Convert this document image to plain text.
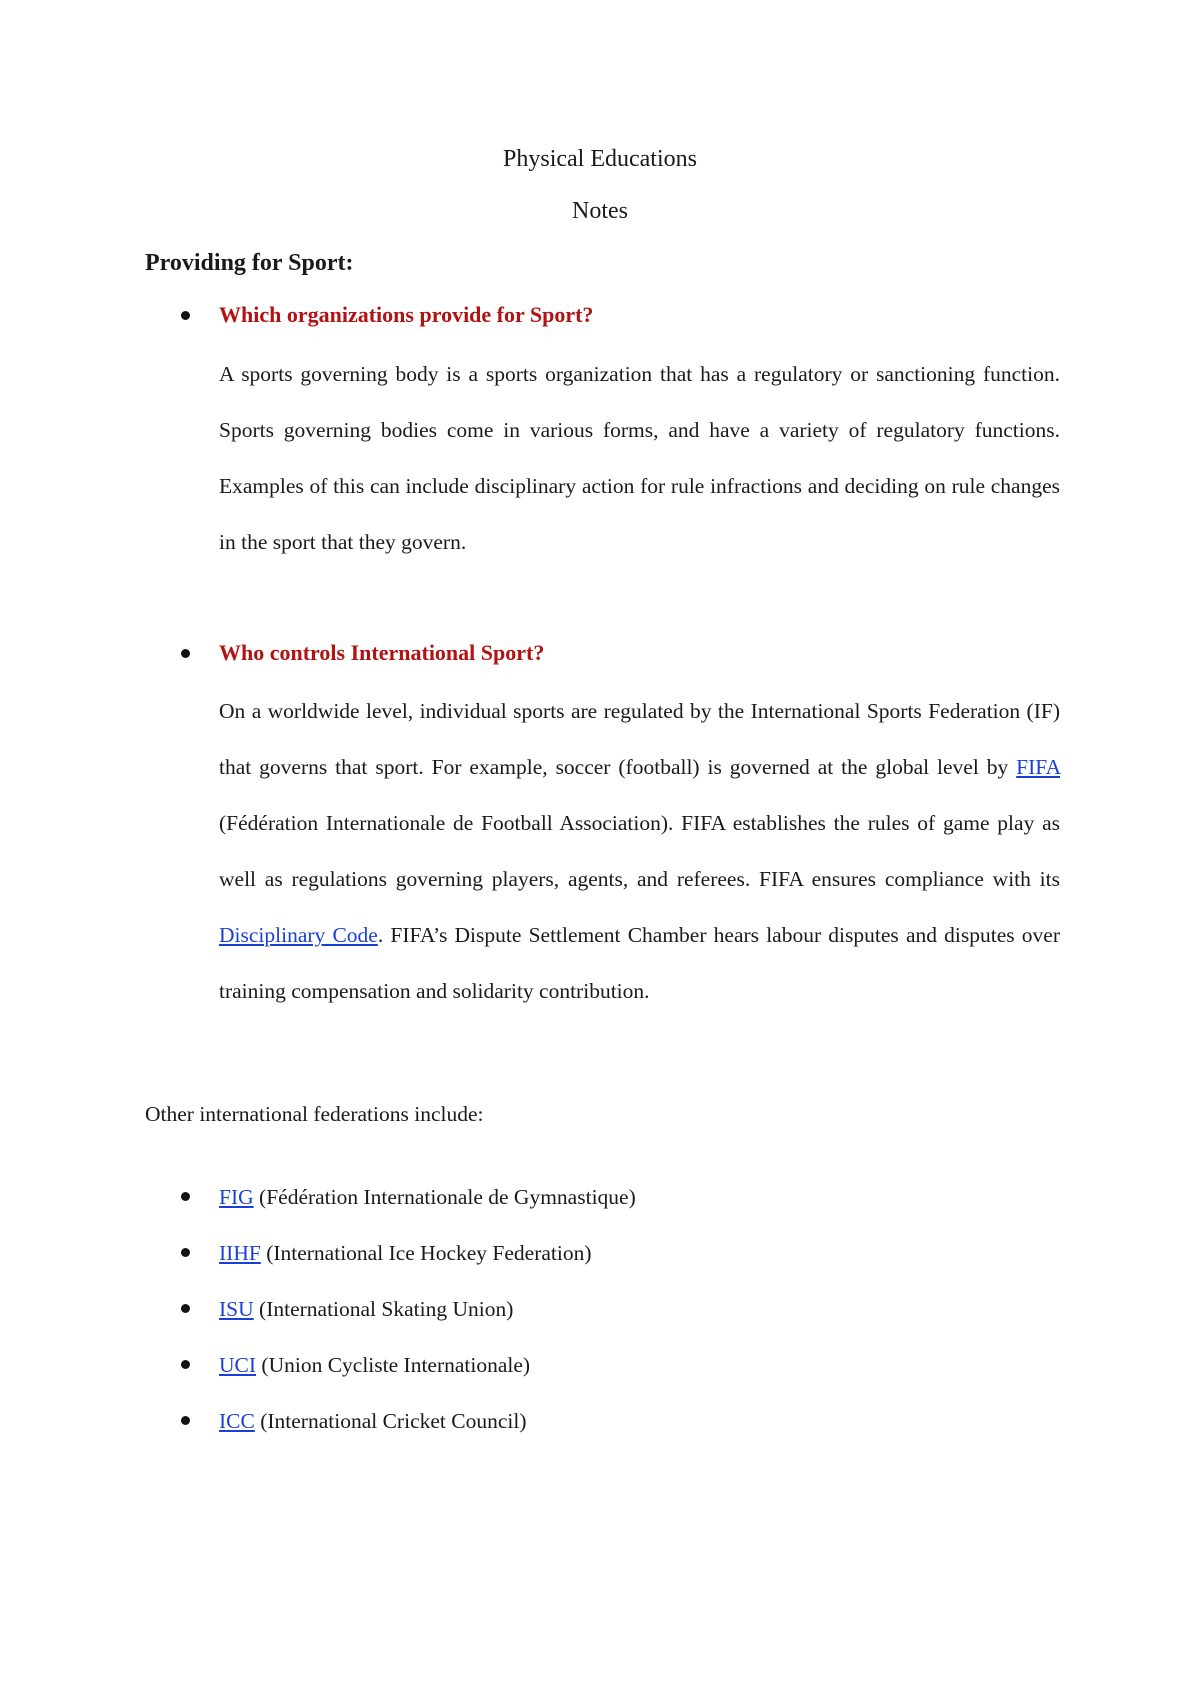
Physical Educations
Notes
Providing for Sport:
Which organizations provide for Sport?
A sports governing body is a sports organization that has a regulatory or sanctioning function. Sports governing bodies come in various forms, and have a variety of regulatory functions. Examples of this can include disciplinary action for rule infractions and deciding on rule changes in the sport that they govern.
Who controls International Sport?
On a worldwide level, individual sports are regulated by the International Sports Federation (IF) that governs that sport. For example, soccer (football) is governed at the global level by FIFA (Fédération Internationale de Football Association). FIFA establishes the rules of game play as well as regulations governing players, agents, and referees. FIFA ensures compliance with its Disciplinary Code. FIFA’s Dispute Settlement Chamber hears labour disputes and disputes over training compensation and solidarity contribution.
Other international federations include:
FIG (Fédération Internationale de Gymnastique)
IIHF (International Ice Hockey Federation)
ISU (International Skating Union)
UCI (Union Cycliste Internationale)
ICC (International Cricket Council)
